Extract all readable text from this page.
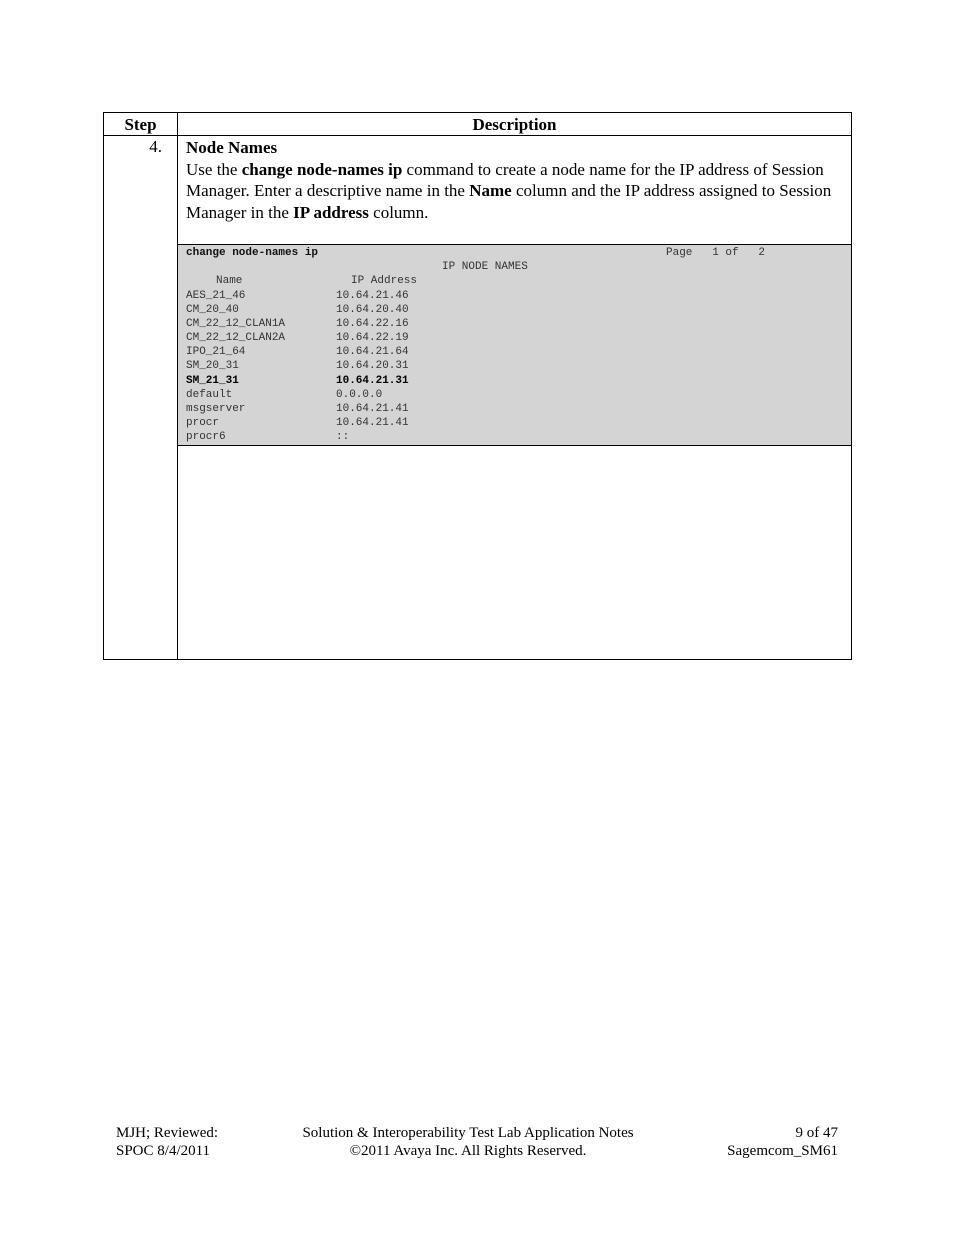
Step	Description
4. Node Names

Use the change node-names ip command to create a node name for the IP address of Session Manager. Enter a descriptive name in the Name column and the IP address assigned to Session Manager in the IP address column.

change node-names ip	Page   1 of   2
IP NODE NAMES
Name	IP Address
AES_21_46	10.64.21.46
CM_20_40	10.64.20.40
CM_22_12_CLAN1A	10.64.22.16
CM_22_12_CLAN2A	10.64.22.19
IPO_21_64	10.64.21.64
SM_20_31	10.64.20.31
SM_21_31	10.64.21.31
default	0.0.0.0
msgserver	10.64.21.41
procr	10.64.21.41
procr6	::
MJH; Reviewed:
SPOC 8/4/2011
Solution & Interoperability Test Lab Application Notes
©2011 Avaya Inc. All Rights Reserved.
9 of 47
Sagemcom_SM61
